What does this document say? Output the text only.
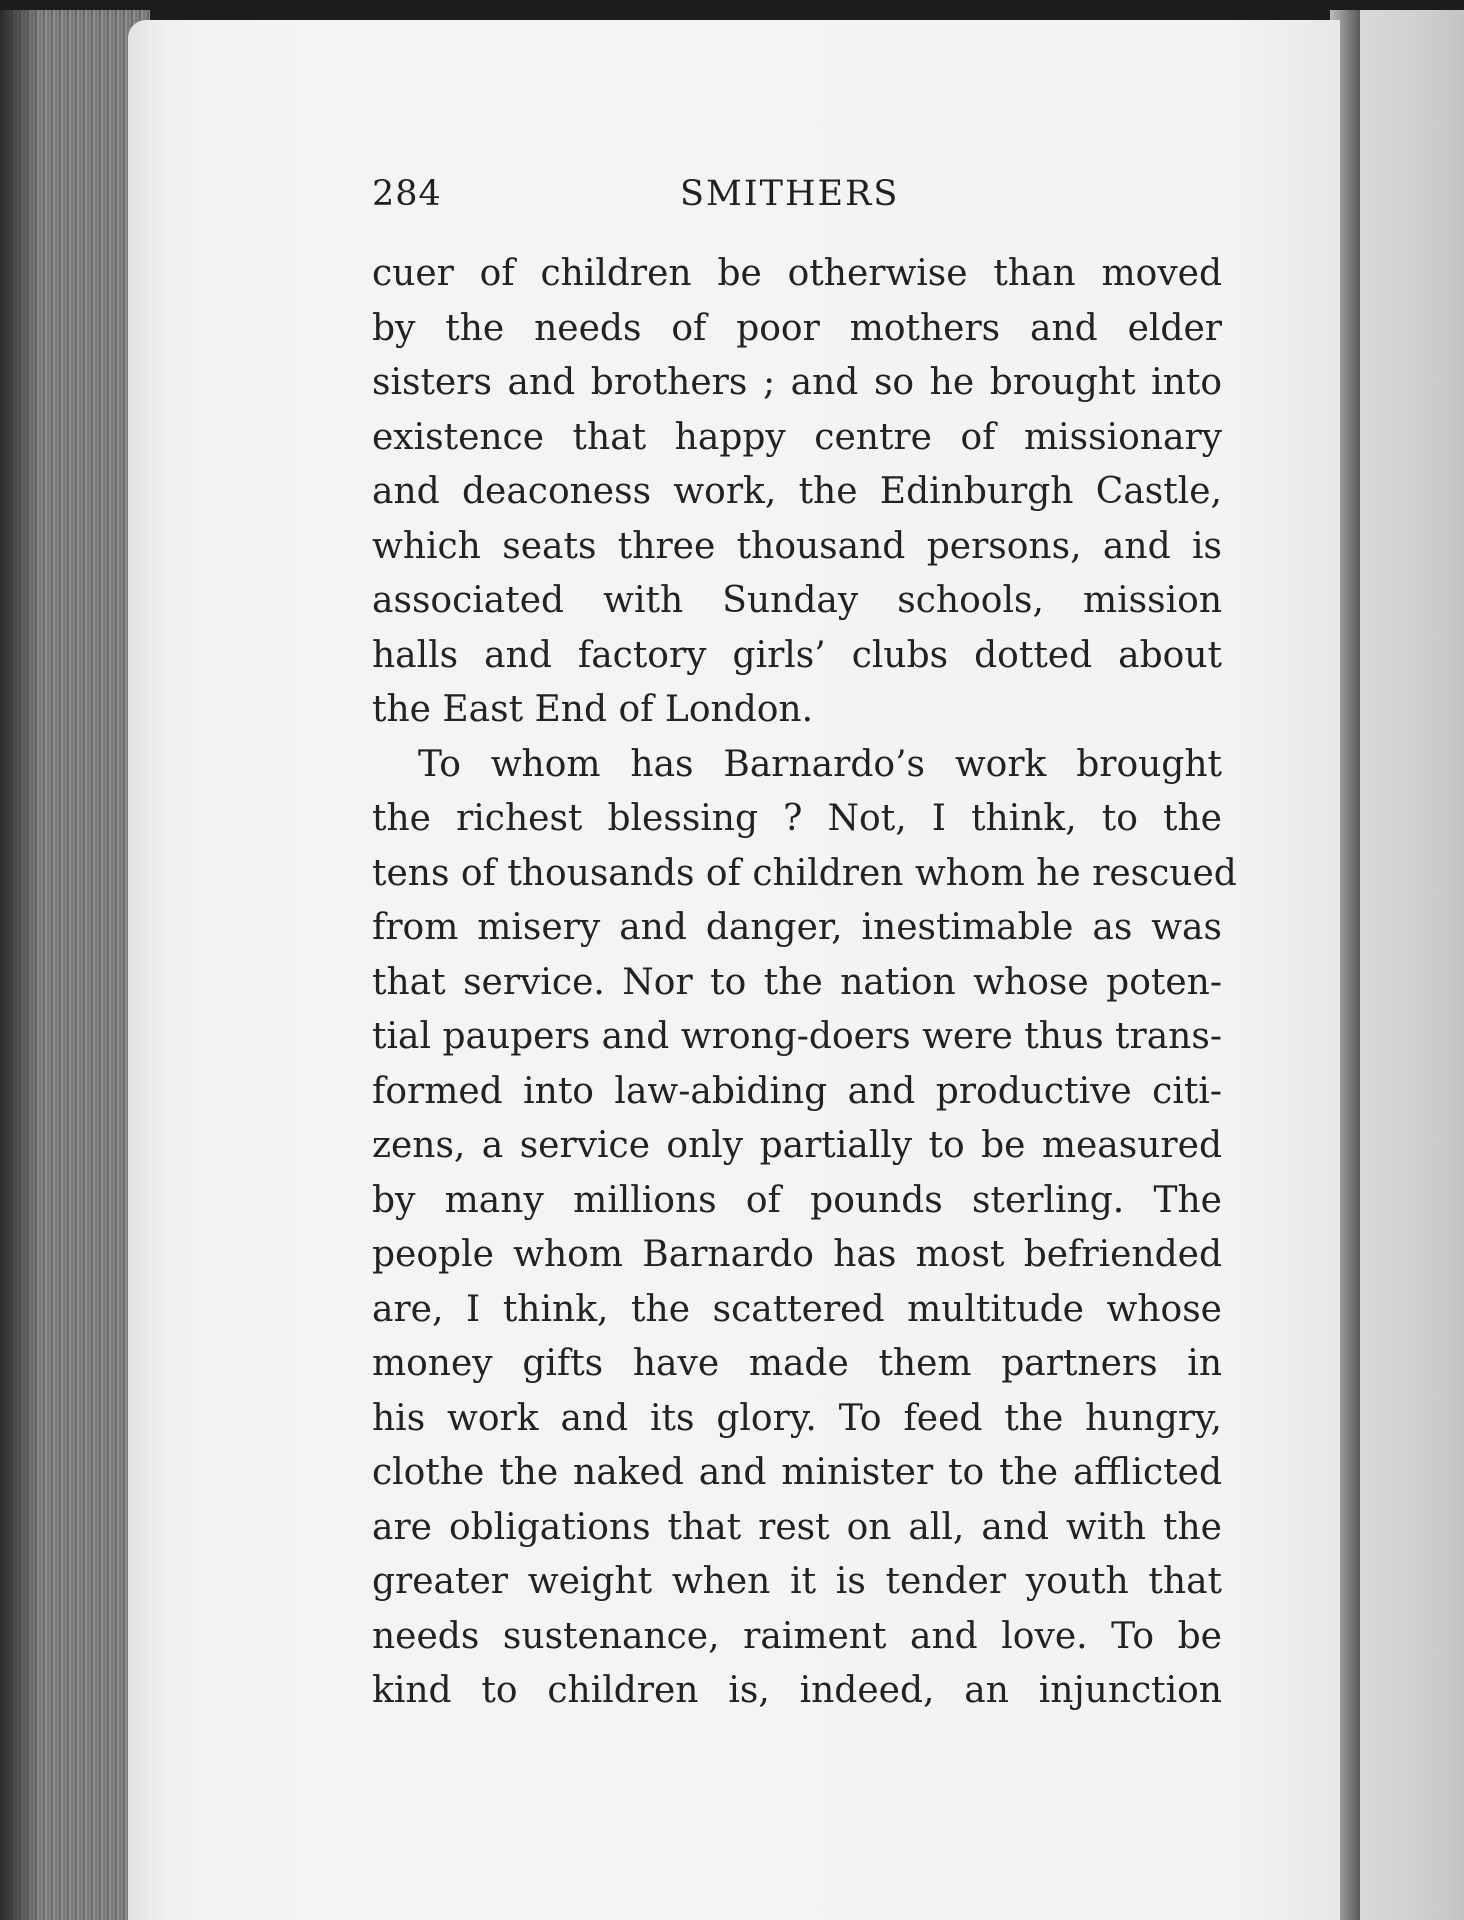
284	SMITHERS
cuer of children be otherwise than moved
by the needs of poor mothers and elder
sisters and brothers ; and so he brought into
existence that happy centre of missionary
and deaconess work, the Edinburgh Castle,
which seats three thousand persons, and is
associated with Sunday schools, mission
halls and factory girls’ clubs dotted about
the East End of London.
To whom has Barnardo’s work brought
the richest blessing ? Not, I think, to the
tens of thousands of children whom he rescued
from misery and danger, inestimable as was
that service. Nor to the nation whose poten-
tial paupers and wrong-doers were thus trans-
formed into law-abiding and productive citi-
zens, a service only partially to be measured
by many millions of pounds sterling. The
people whom Barnardo has most befriended
are, I think, the scattered multitude whose
money gifts have made them partners in
his work and its glory. To feed the hungry,
clothe the naked and minister to the afflicted
are obligations that rest on all, and with the
greater weight when it is tender youth that
needs sustenance, raiment and love. To be
kind to children is, indeed, an injunction
